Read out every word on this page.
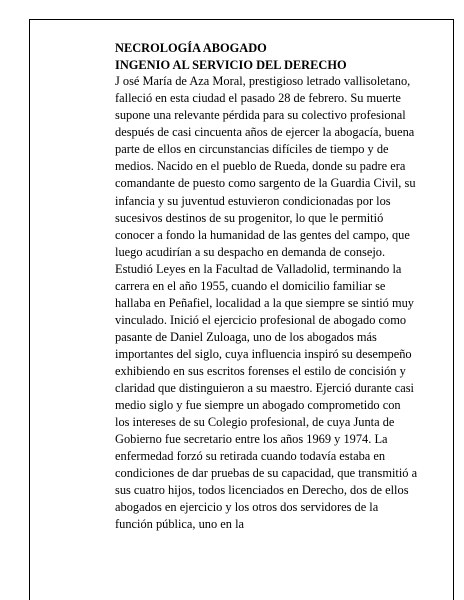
NECROLOGÍA ABOGADO

INGENIO AL SERVICIO DEL DERECHO

J osé María de Aza Moral, prestigioso letrado vallisoletano, falleció en esta ciudad el pasado 28 de febrero. Su muerte supone una relevante pérdida para su colectivo profesional después de casi cincuenta años de ejercer la abogacía, buena parte de ellos en circunstancias difíciles de tiempo y de medios. Nacido en el pueblo de Rueda, donde su padre era comandante de puesto como sargento de la Guardia Civil, su infancia y su juventud estuvieron condicionadas por los sucesivos destinos de su progenitor, lo que le permitió conocer a fondo la humanidad de las gentes del campo, que luego acudirían a su despacho en demanda de consejo. Estudió Leyes en la Facultad de Valladolid, terminando la carrera en el año 1955, cuando el domicilio familiar se hallaba en Peñafiel, localidad a la que siempre se sintió muy vinculado. Inició el ejercicio profesional de abogado como pasante de Daniel Zuloaga, uno de los abogados más importantes del siglo, cuya influencia inspiró su desempeño exhibiendo en sus escritos forenses el estilo de concisión y claridad que distinguieron a su maestro. Ejerció durante casi medio siglo y fue siempre un abogado comprometido con los intereses de su Colegio profesional, de cuya Junta de Gobierno fue secretario entre los años 1969 y 1974. La enfermedad forzó su retirada cuando todavía estaba en condiciones de dar pruebas de su capacidad, que transmitió a sus cuatro hijos, todos licenciados en Derecho, dos de ellos abogados en ejercicio y los otros dos servidores de la función pública, uno en la
